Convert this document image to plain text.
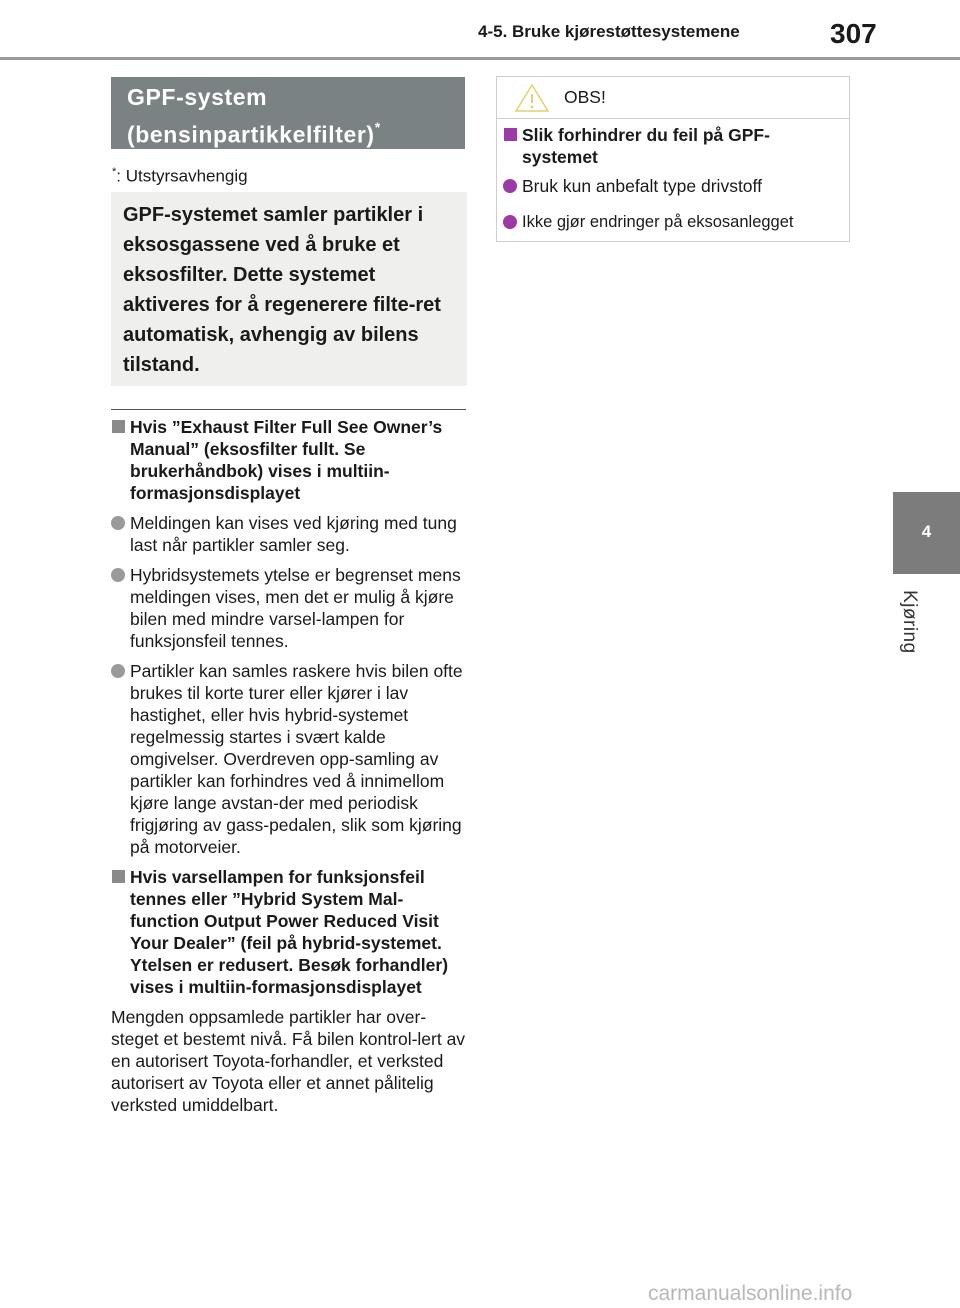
4-5. Bruke kjørestøttesystemene	307
4
Kjøring
GPF-system
(bensinpartikkelfilter)*
*: Utstyrsavhengig
GPF-systemet samler partikler i eksosgassene ved å bruke et eksosfilter. Dette systemet aktiveres for å regenerere filte-ret automatisk, avhengig av bilens tilstand.
Hvis ”Exhaust Filter Full See Owner’s Manual” (eksosfilter fullt. Se brukerhåndbok) vises i multiin-formasjonsdisplayet
Meldingen kan vises ved kjøring med tung last når partikler samler seg.
Hybridsystemets ytelse er begrenset mens meldingen vises, men det er mulig å kjøre bilen med mindre varsel-lampen for funksjonsfeil tennes.
Partikler kan samles raskere hvis bilen ofte brukes til korte turer eller kjører i lav hastighet, eller hvis hybrid-systemet regelmessig startes i svært kalde omgivelser. Overdreven opp-samling av partikler kan forhindres ved å innimellom kjøre lange avstan-der med periodisk frigjøring av gass-pedalen, slik som kjøring på motorveier.
Hvis varsellampen for funksjonsfeil tennes eller ”Hybrid System Mal-function Output Power Reduced Visit Your Dealer” (feil på hybrid-systemet. Ytelsen er redusert. Besøk forhandler) vises i multiin-formasjonsdisplayet
Mengden oppsamlede partikler har over-steget et bestemt nivå. Få bilen kontrol-lert av en autorisert Toyota-forhandler, et verksted autorisert av Toyota eller et annet pålitelig verksted umiddelbart.
OBS!
Slik forhindrer du feil på GPF-systemet
Bruk kun anbefalt type drivstoff
Ikke gjør endringer på eksosanlegget
carmanualsonline.info
